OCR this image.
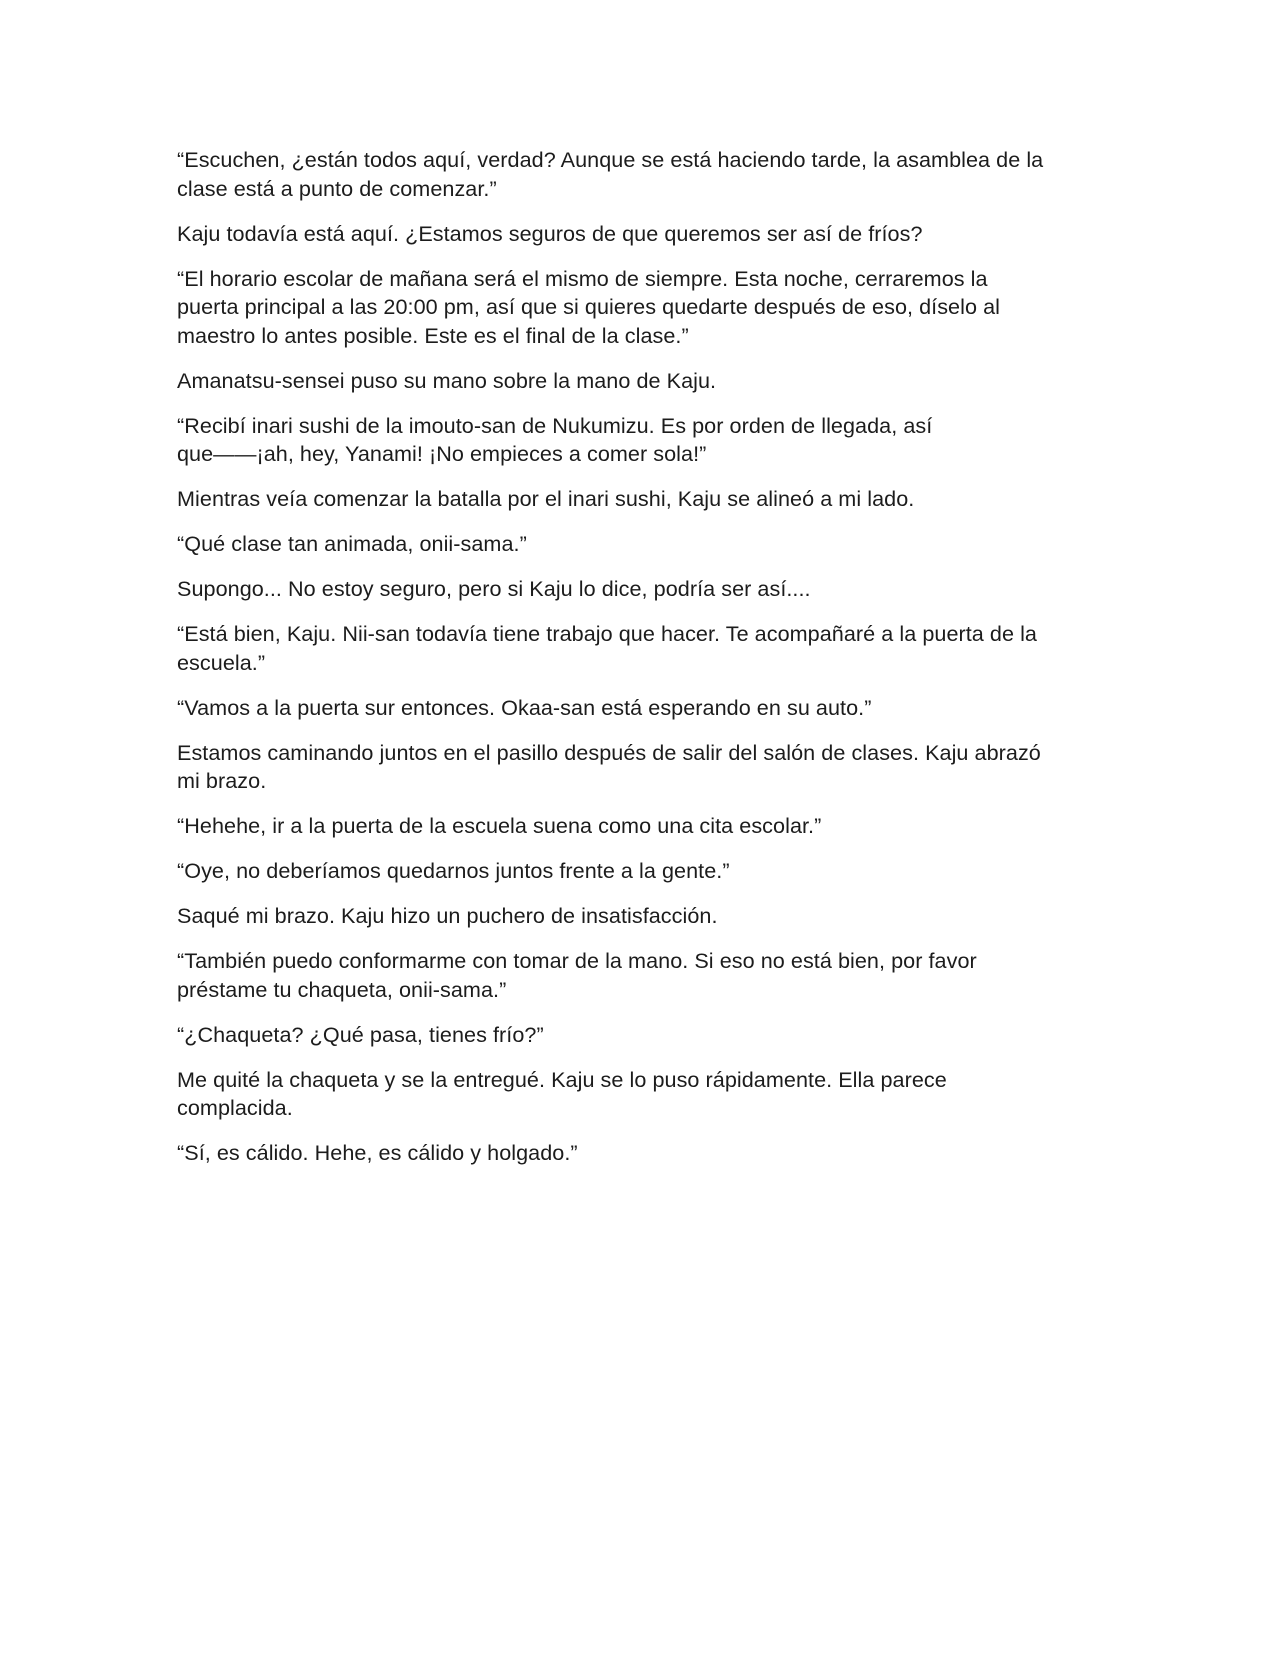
“Escuchen, ¿están todos aquí, verdad? Aunque se está haciendo tarde, la asamblea de la
clase está a punto de comenzar.”

Kaju todavía está aquí. ¿Estamos seguros de que queremos ser así de fríos?

“El horario escolar de mañana será el mismo de siempre. Esta noche, cerraremos la
puerta principal a las 20:00 pm, así que si quieres quedarte después de eso, díselo al
maestro lo antes posible. Este es el final de la clase.”

Amanatsu-sensei puso su mano sobre la mano de Kaju.

“Recibí inari sushi de la imouto-san de Nukumizu. Es por orden de llegada, así
que——¡ah, hey, Yanami! ¡No empieces a comer sola!”

Mientras veía comenzar la batalla por el inari sushi, Kaju se alineó a mi lado.

“Qué clase tan animada, onii-sama.”

Supongo... No estoy seguro, pero si Kaju lo dice, podría ser así....

“Está bien, Kaju. Nii-san todavía tiene trabajo que hacer. Te acompañaré a la puerta de la
escuela.”

“Vamos a la puerta sur entonces. Okaa-san está esperando en su auto.”

Estamos caminando juntos en el pasillo después de salir del salón de clases. Kaju abrazó
mi brazo.

“Hehehe, ir a la puerta de la escuela suena como una cita escolar.”

“Oye, no deberíamos quedarnos juntos frente a la gente.”

Saqué mi brazo. Kaju hizo un puchero de insatisfacción.

“También puedo conformarme con tomar de la mano. Si eso no está bien, por favor
préstame tu chaqueta, onii-sama.”

“¿Chaqueta? ¿Qué pasa, tienes frío?”

Me quité la chaqueta y se la entregué. Kaju se lo puso rápidamente. Ella parece
complacida.

“Sí, es cálido. Hehe, es cálido y holgado.”
